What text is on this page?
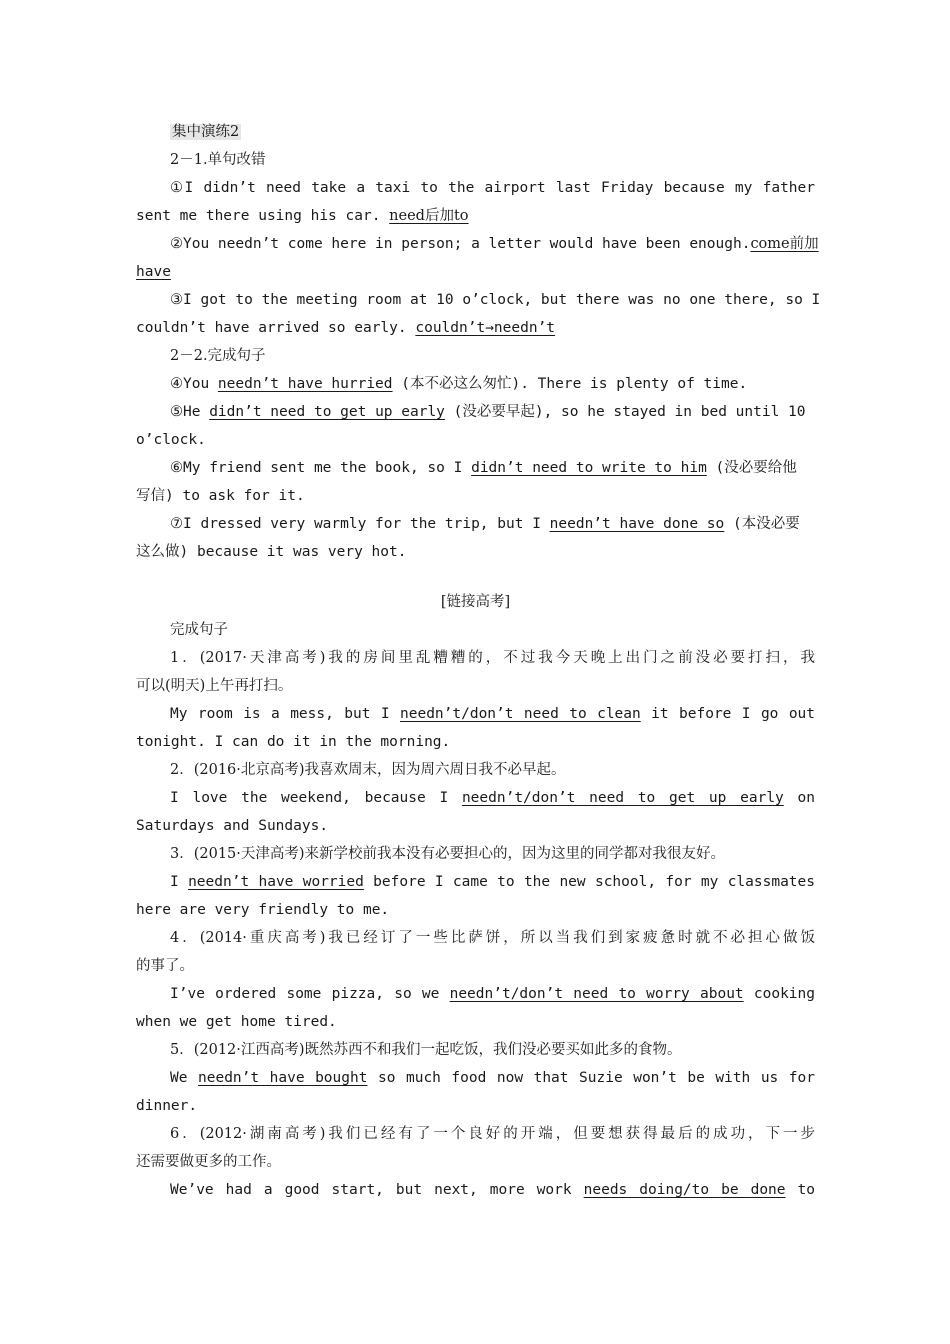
集中演练2
2－1.单句改错
①I didn’t need take a taxi to the airport last Friday because my father
sent me there using his car. need后加to
②You needn’t come here in person; a letter would have been enough.come前加
have
③I got to the meeting room at 10 o’clock, but there was no one there, so I
couldn’t have arrived so early. couldn’t→needn’t
2－2.完成句子
④You needn’t have hurried (本不必这么匆忙). There is plenty of time.
⑤He didn’t need to get up early (没必要早起), so he stayed in bed until 10
o’clock.
⑥My friend sent me the book, so I didn’t need to write to him (没必要给他
写信) to ask for it.
⑦I dressed very warmly for the trip, but I needn’t have done so (本没必要
这么做) because it was very hot.
[链接高考]
完成句子
1．(2017·天津高考)我的房间里乱糟糟的，不过我今天晚上出门之前没必要打扫，我
可以(明天)上午再打扫。
My room is a mess, but I needn’t/don’t need to clean it before I go out
tonight. I can do it in the morning.
2．(2016·北京高考)我喜欢周末，因为周六周日我不必早起。
I love the weekend, because I needn’t/don’t need to get up early on
Saturdays and Sundays.
3．(2015·天津高考)来新学校前我本没有必要担心的，因为这里的同学都对我很友好。
I needn’t have worried before I came to the new school, for my classmates
here are very friendly to me.
4．(2014·重庆高考)我已经订了一些比萨饼，所以当我们到家疲惫时就不必担心做饭
的事了。
I’ve ordered some pizza, so we needn’t/don’t need to worry about cooking
when we get home tired.
5．(2012·江西高考)既然苏西不和我们一起吃饭，我们没必要买如此多的食物。
We needn’t have bought so much food now that Suzie won’t be with us for
dinner.
6．(2012·湖南高考)我们已经有了一个良好的开端，但要想获得最后的成功，下一步
还需要做更多的工作。
We’ve had a good start, but next, more work needs doing/to be done to
